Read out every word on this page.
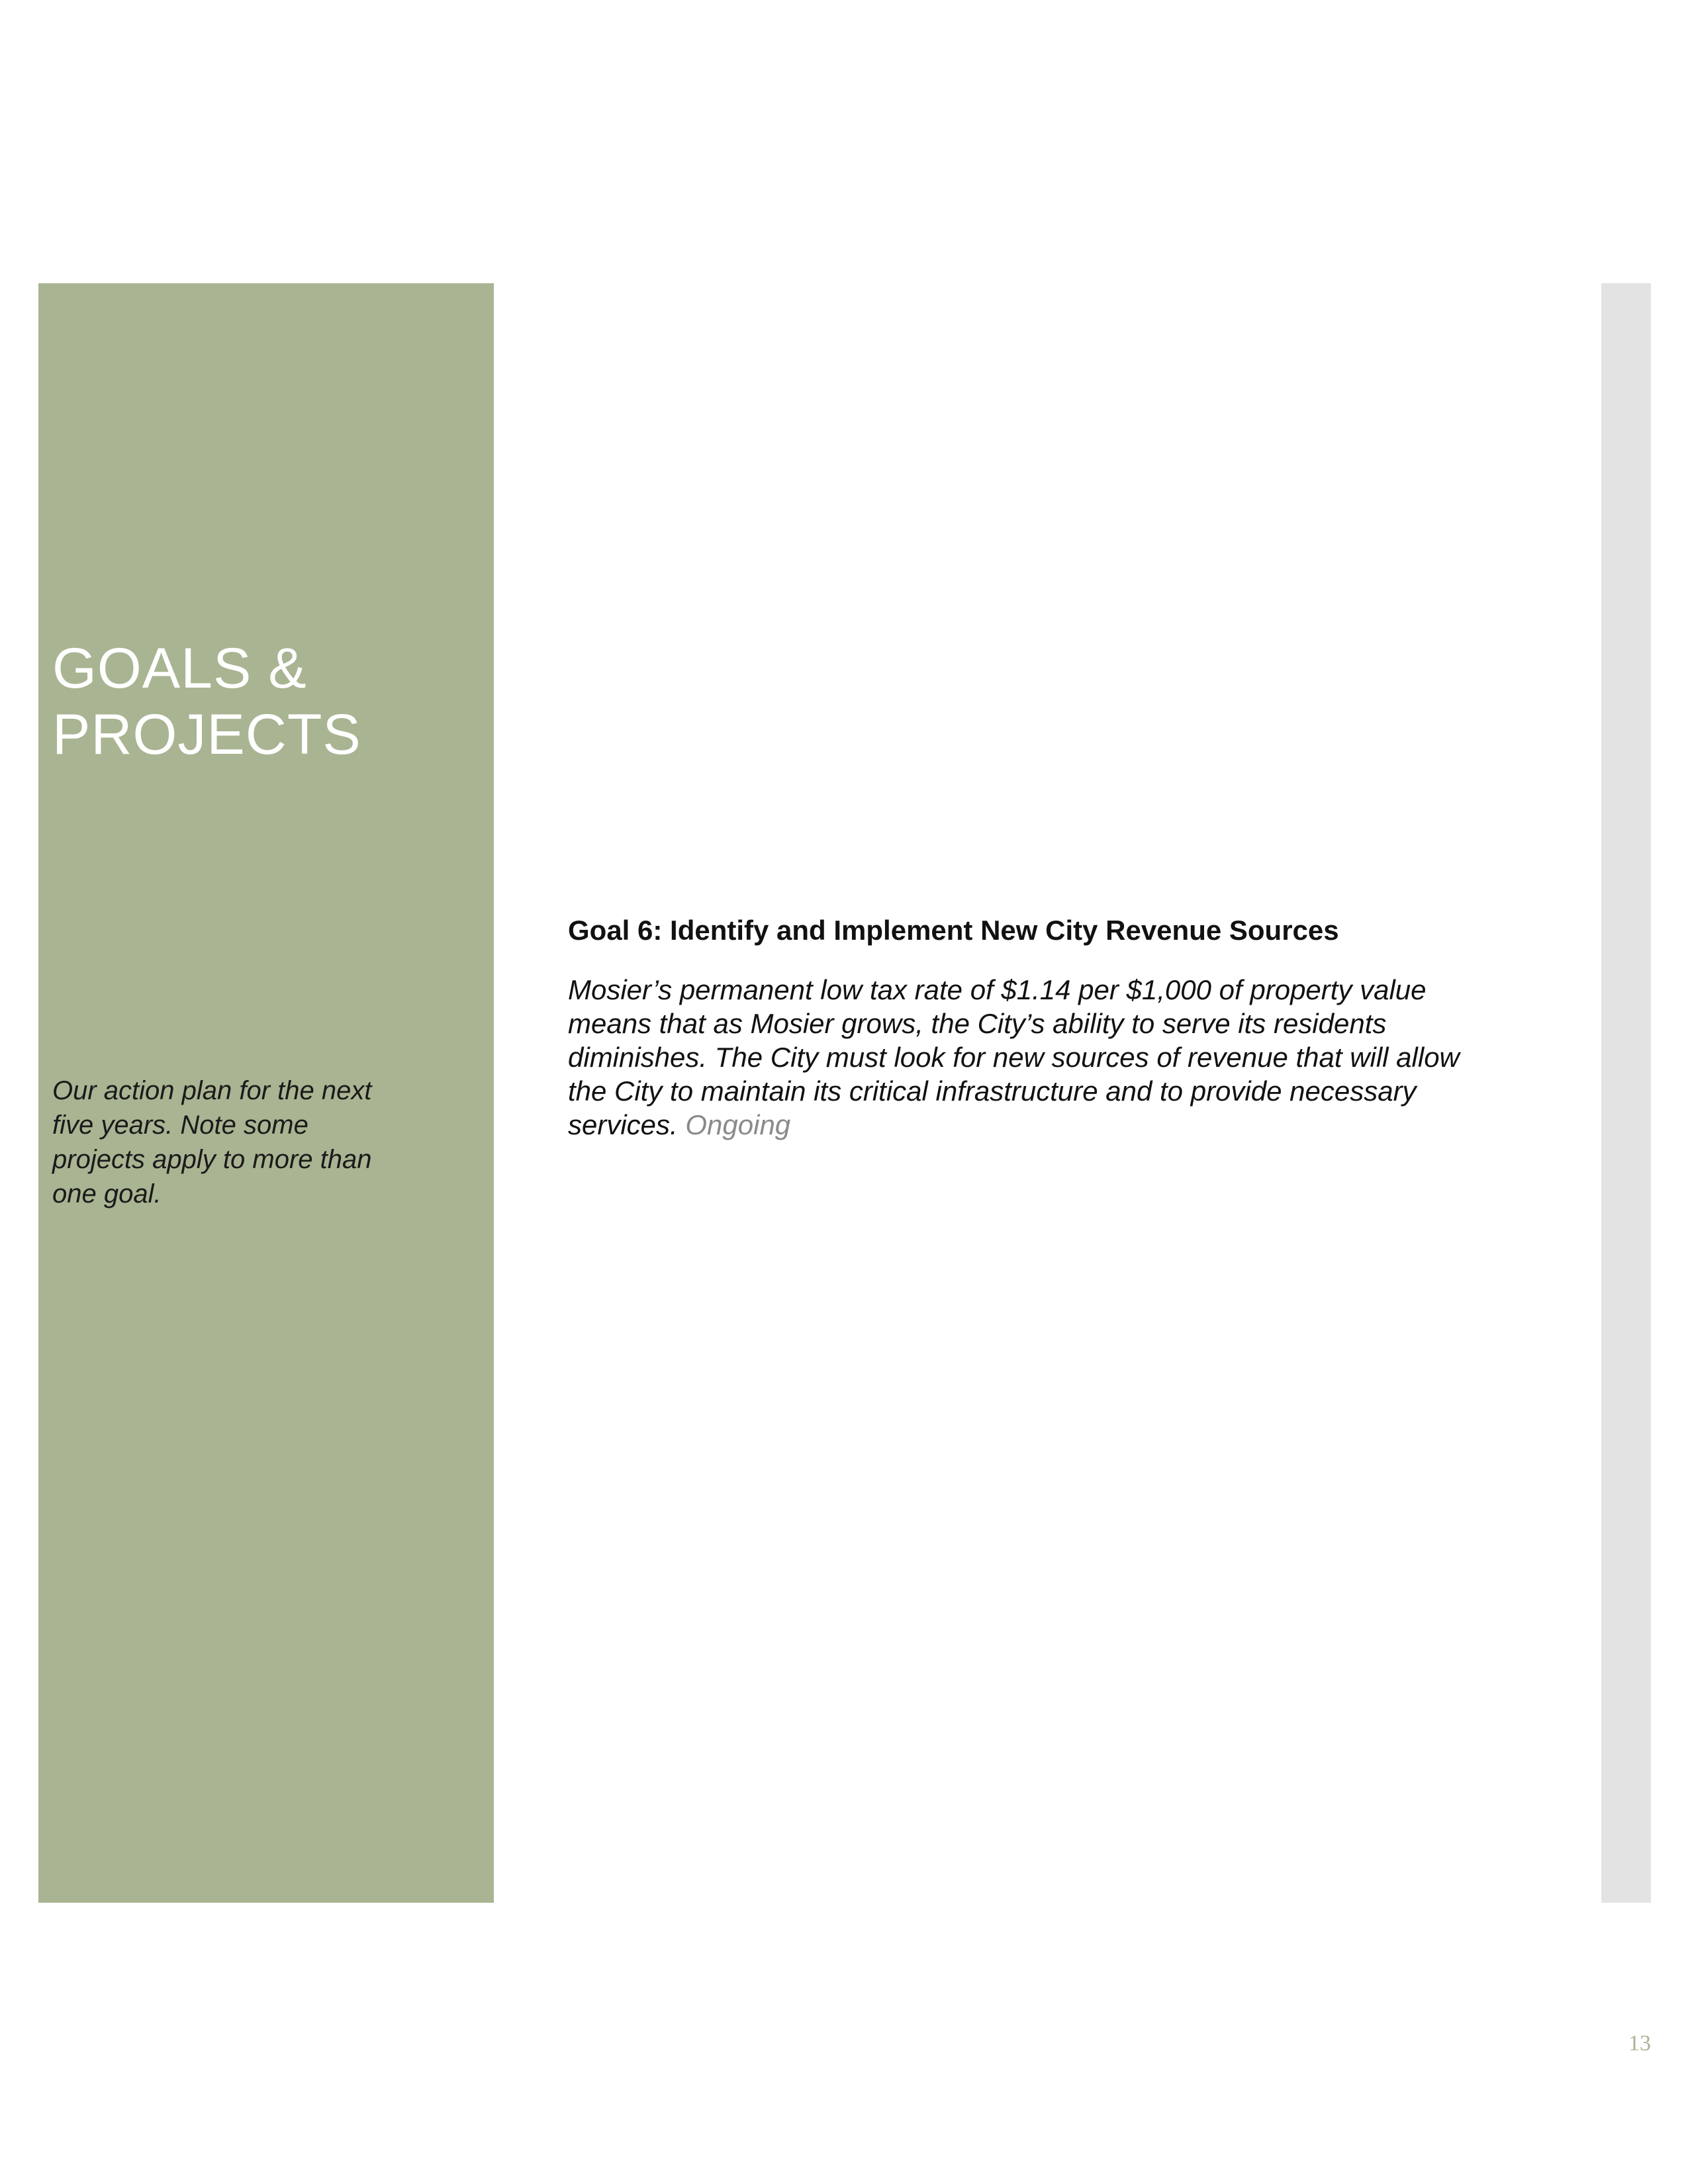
GOALS &
PROJECTS

Our action plan for the next
five years. Note some
projects apply to more than
one goal.

Goal 6: Identify and Implement New City Revenue Sources

Mosier’s permanent low tax rate of $1.14 per $1,000 of property value
means that as Mosier grows, the City’s ability to serve its residents
diminishes. The City must look for new sources of revenue that will allow
the City to maintain its critical infrastructure and to provide necessary
services. Ongoing

13
